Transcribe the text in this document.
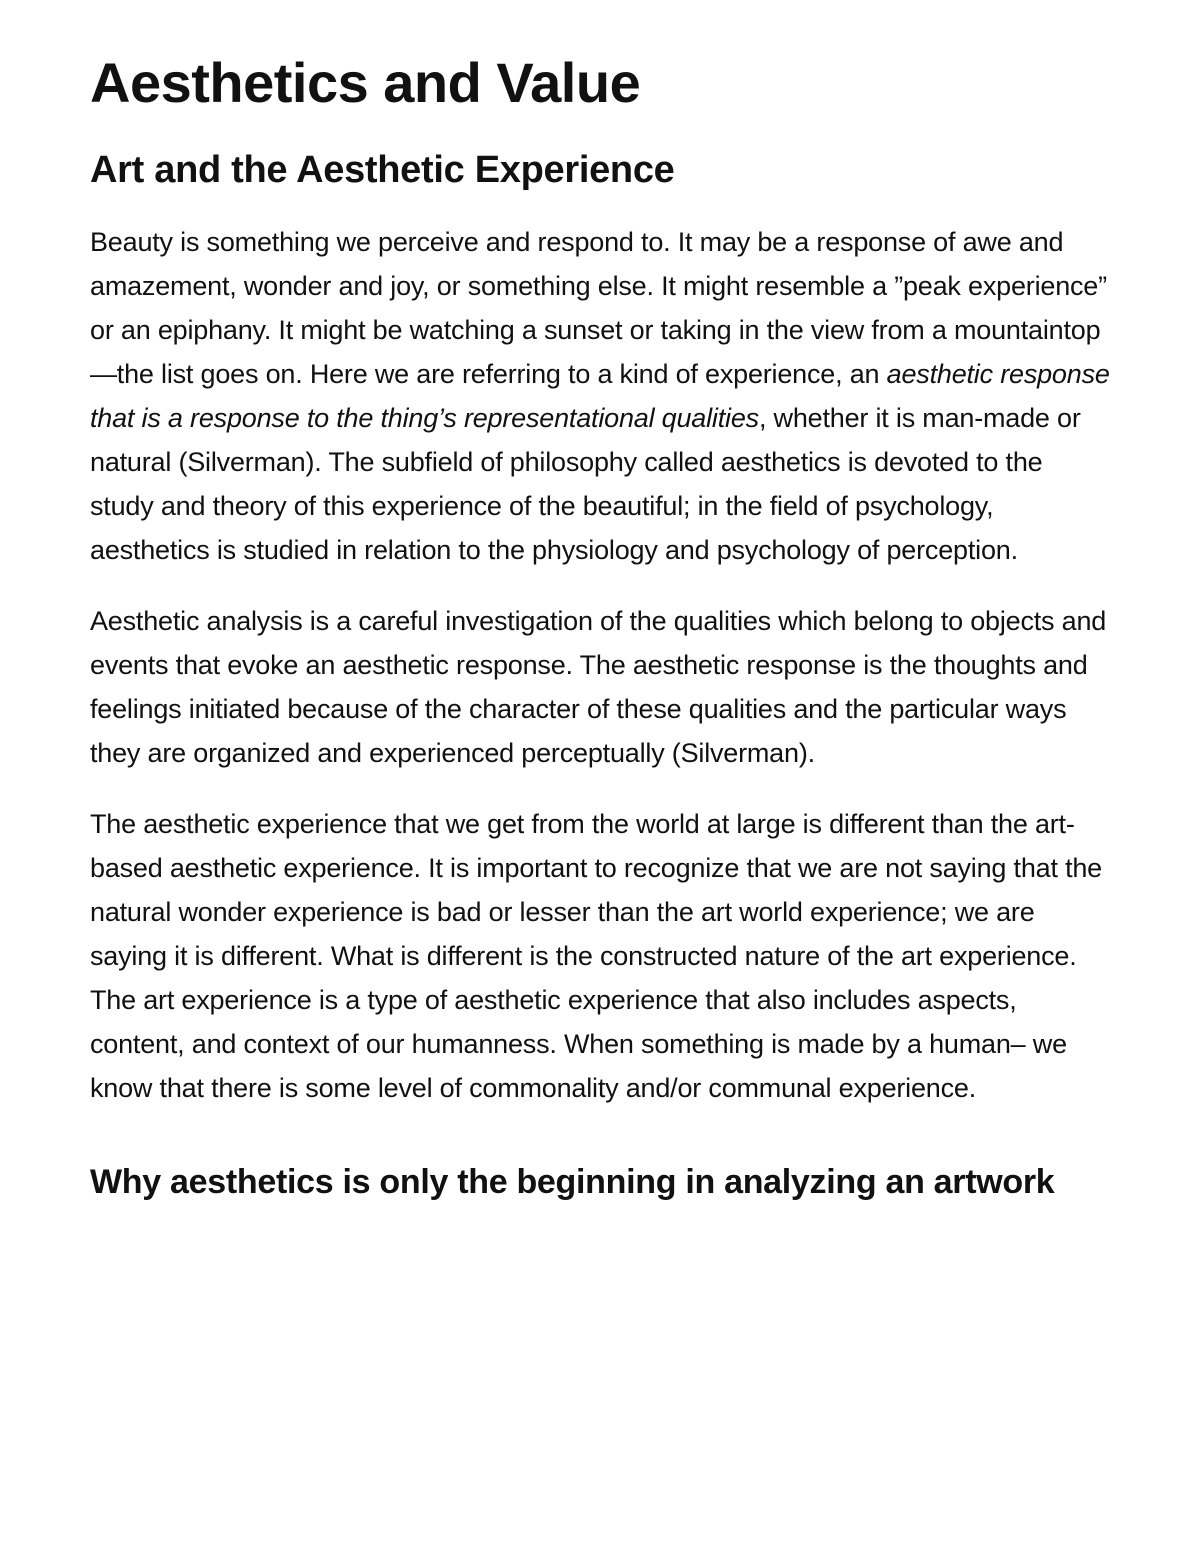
Aesthetics and Value
Art and the Aesthetic Experience

Beauty is something we perceive and respond to. It may be a response of awe and amazement, wonder and joy, or something else. It might resemble a ”peak experience” or an epiphany. It might be watching a sunset or taking in the view from a mountaintop—the list goes on. Here we are referring to a kind of experience, an aesthetic response that is a response to the thing’s representational qualities, whether it is man-made or natural (Silverman). The subfield of philosophy called aesthetics is devoted to the study and theory of this experience of the beautiful; in the field of psychology, aesthetics is studied in relation to the physiology and psychology of perception.

Aesthetic analysis is a careful investigation of the qualities which belong to objects and events that evoke an aesthetic response. The aesthetic response is the thoughts and feelings initiated because of the character of these qualities and the particular ways they are organized and experienced perceptually (Silverman).

The aesthetic experience that we get from the world at large is different than the art-based aesthetic experience. It is important to recognize that we are not saying that the natural wonder experience is bad or lesser than the art world experience; we are saying it is different. What is different is the constructed nature of the art experience. The art experience is a type of aesthetic experience that also includes aspects, content, and context of our humanness. When something is made by a human– we know that there is some level of commonality and/or communal experience.

Why aesthetics is only the beginning in analyzing an artwork
